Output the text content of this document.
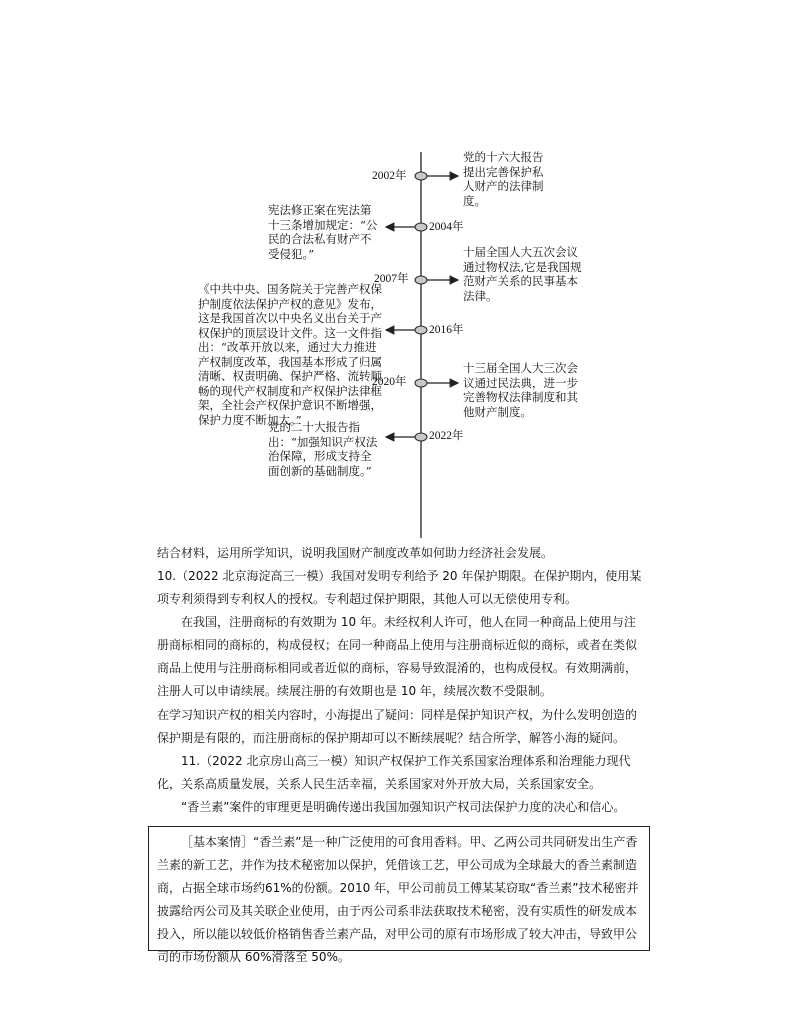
2002年
2004年
2007年
2016年
2020年
2022年
党的十六大报告提出完善保护私人财产的法律制度。
宪法修正案在宪法第十三条增加规定：“公民的合法私有财产不受侵犯。”	十届全国人大五次会议通过物权法,它是我国规范财产关系的民事基本法律。
《中共中央、国务院关于完善产权保护制度依法保护产权的意见》发布，这是我国首次以中央名义出台关于产权保护的顶层设计文件。这一文件指出：“改革开放以来，通过大力推进产权制度改革，我国基本形成了归属清晰、权责明确、保护严格、流转顺畅的现代产权制度和产权保护法律框架，全社会产权保护意识不断增强，保护力度不断加大。”
十三届全国人大三次会议通过民法典，进一步完善物权法律制度和其他财产制度。
党的二十大报告指出：“加强知识产权法治保障，形成支持全面创新的基础制度。”
结合材料，运用所学知识，说明我国财产制度改革如何助力经济社会发展。
10.（2022 北京海淀高三一模）我国对发明专利给予 20 年保护期限。在保护期内，使用某项专利须得到专利权人的授权。专利超过保护期限，其他人可以无偿使用专利。
在我国，注册商标的有效期为 10 年。未经权利人许可，他人在同一种商品上使用与注册商标相同的商标的，构成侵权；在同一种商品上使用与注册商标近似的商标，或者在类似商品上使用与注册商标相同或者近似的商标，容易导致混淆的，也构成侵权。有效期满前，注册人可以申请续展。续展注册的有效期也是 10 年，续展次数不受限制。
在学习知识产权的相关内容时，小海提出了疑问：同样是保护知识产权，为什么发明创造的保护期是有限的，而注册商标的保护期却可以不断续展呢？结合所学，解答小海的疑问。
11.（2022 北京房山高三一模）知识产权保护工作关系国家治理体系和治理能力现代化，关系高质量发展，关系人民生活幸福，关系国家对外开放大局，关系国家安全。
“香兰素”案件的审理更是明确传递出我国加强知识产权司法保护力度的决心和信心。

［基本案情］“香兰素”是一种广泛使用的可食用香料。甲、乙两公司共同研发出生产香兰素的新工艺，并作为技术秘密加以保护，凭借该工艺，甲公司成为全球最大的香兰素制造商，占据全球市场约61%的份额。2010 年，甲公司前员工傅某某窃取“香兰素”技术秘密并披露给丙公司及其关联企业使用，由于丙公司系非法获取技术秘密，没有实质性的研发成本投入，所以能以较低价格销售香兰素产品，对甲公司的原有市场形成了较大冲击，导致甲公司的市场份额从 60%滑落至 50%。
